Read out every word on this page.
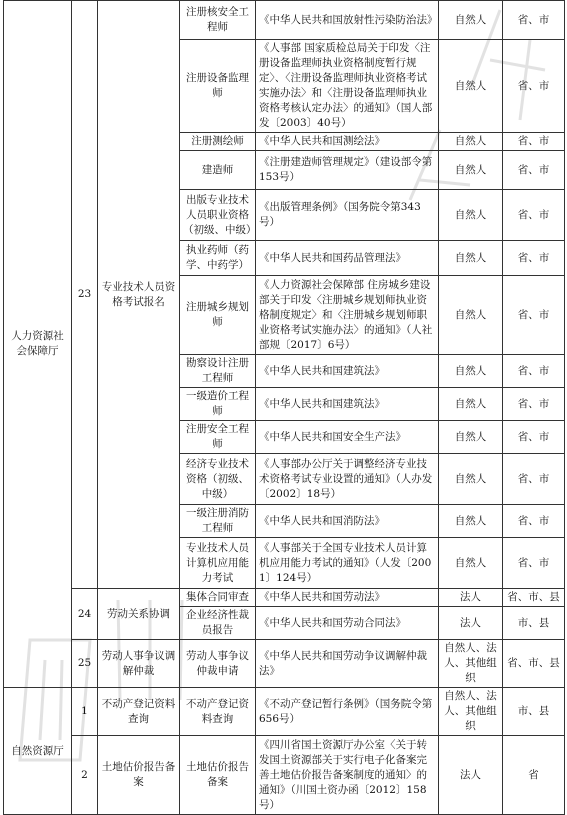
人力资源社会保障厅	23	专业技术人员资格考试报名	注册核安全工程师	《中华人民共和国放射性污染防治法》	自然人	省、市
			注册设备监理师	《人事部 国家质检总局关于印发〈注册设备监理师执业资格制度暂行规定〉、〈注册设备监理师执业资格考试实施办法〉和〈注册设备监理师执业资格考核认定办法〉的通知》（国人部发〔2003〕40号）	自然人	省、市
			注册测绘师	《中华人民共和国测绘法》	自然人	省、市
			建造师	《注册建造师管理规定》（建设部令第153号）	自然人	省、市
			出版专业技术人员职业资格（初级、中级）	《出版管理条例》（国务院令第343号）	自然人	省、市
			执业药师（药学、中药学）	《中华人民共和国药品管理法》	自然人	省、市
			注册城乡规划师	《人力资源社会保障部 住房城乡建设部关于印发〈注册城乡规划师执业资格制度规定〉和〈注册城乡规划师职业资格考试实施办法〉的通知》（人社部规〔2017〕6号）	自然人	省、市
			勘察设计注册工程师	《中华人民共和国建筑法》	自然人	省、市
			一级造价工程师	《中华人民共和国建筑法》	自然人	省、市
			注册安全工程师	《中华人民共和国安全生产法》	自然人	省、市
			经济专业技术资格（初级、中级）	《人事部办公厅关于调整经济专业技术资格考试专业设置的通知》（人办发〔2002〕18号）	自然人	省、市
			一级注册消防工程师	《中华人民共和国消防法》	自然人	省、市
			专业技术人员计算机应用能力考试	《人事部关于全国专业技术人员计算机应用能力考试的通知》（人发〔2001〕124号）	自然人	省、市
	24	劳动关系协调	集体合同审查	《中华人民共和国劳动法》	法人	省、市、县
			企业经济性裁员报告	《中华人民共和国劳动合同法》	法人	市、县
	25	劳动人事争议调解仲裁	劳动人事争议仲裁申请	《中华人民共和国劳动争议调解仲裁法》	自然人、法人、其他组织	省、市、县
自然资源厅	1	不动产登记资料查询	不动产登记资料查询	《不动产登记暂行条例》（国务院令第656号）	自然人、法人、其他组织	市、县
	2	土地估价报告备案	土地估价报告备案	《四川省国土资源厅办公室〈关于转发国土资源部关于实行电子化备案完善土地估价报告备案制度的通知〉的通知》（川国土资办函〔2012〕158号）	法人	省
